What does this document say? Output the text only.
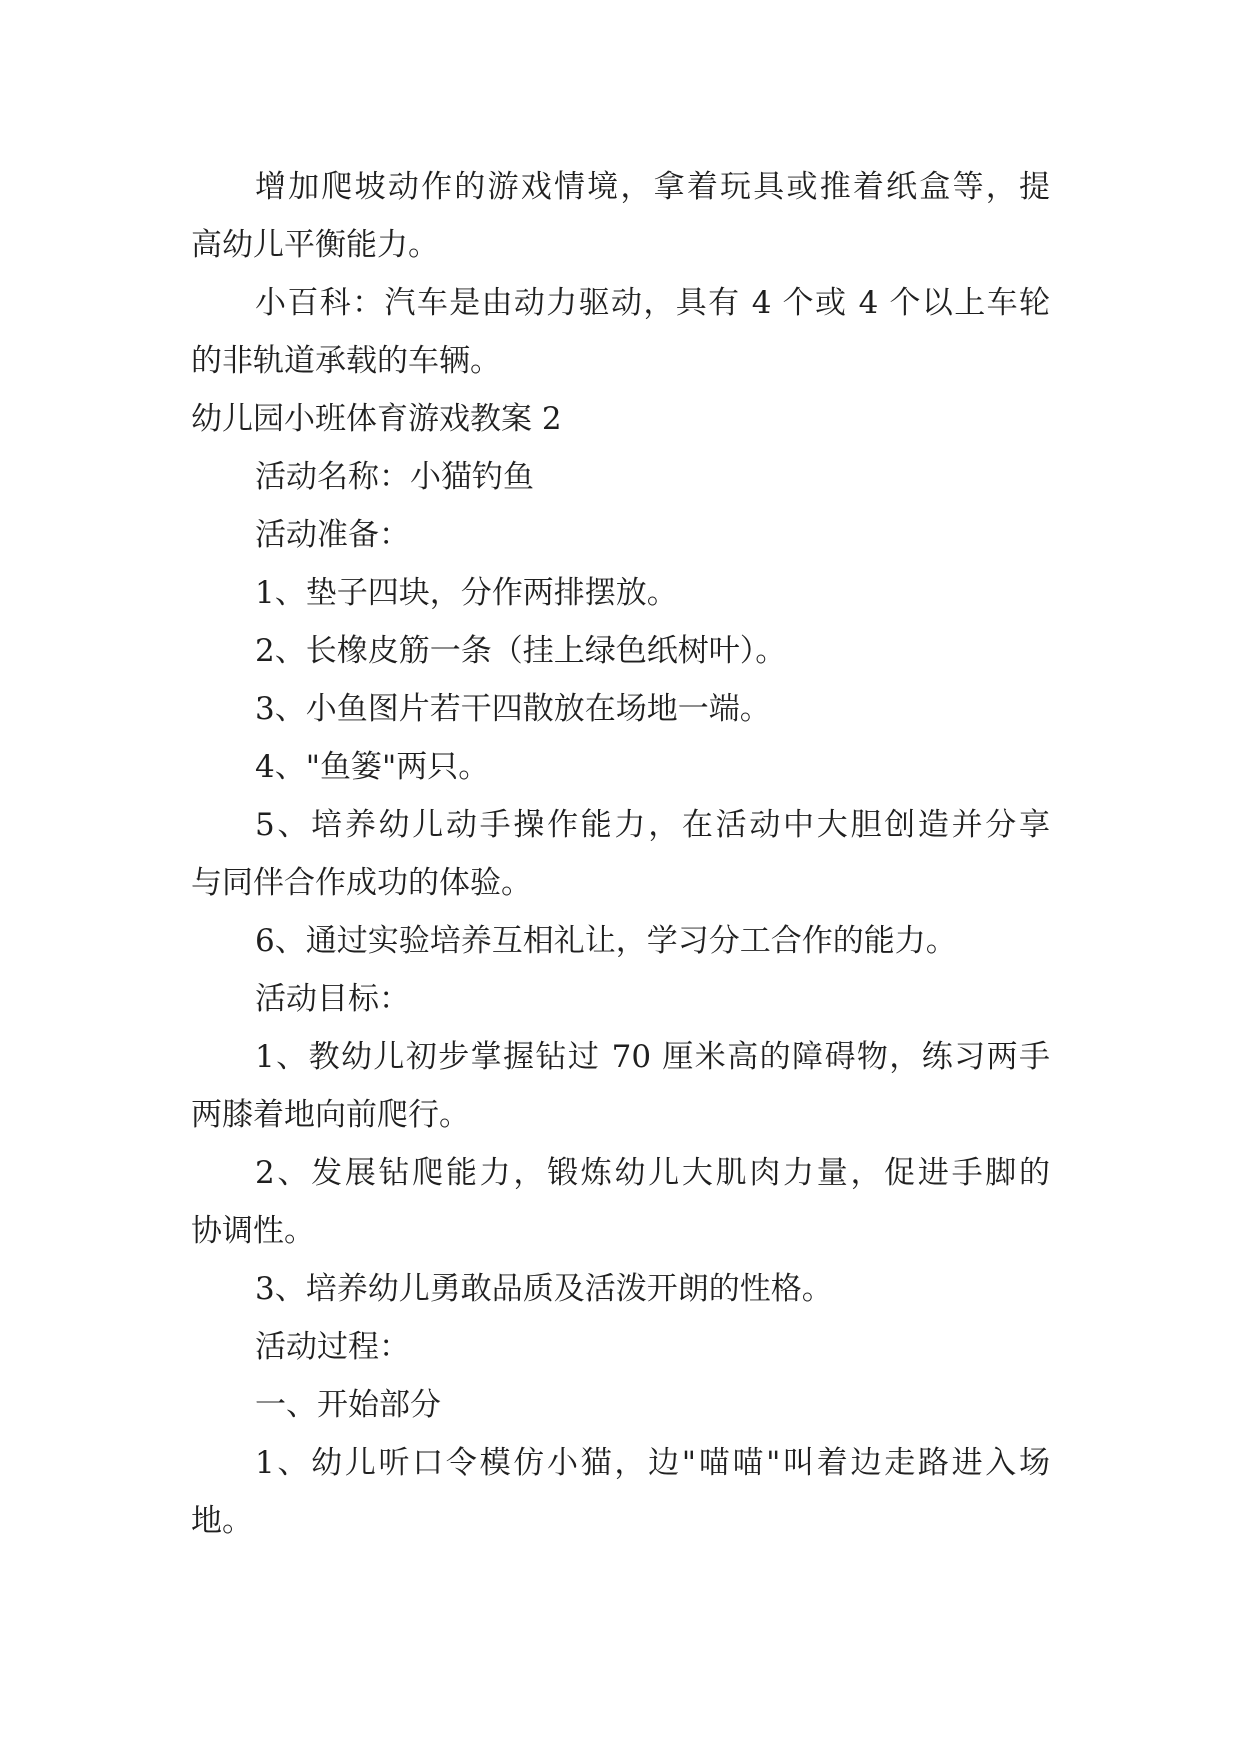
增加爬坡动作的游戏情境，拿着玩具或推着纸盒等，提
高幼儿平衡能力。
小百科：汽车是由动力驱动，具有 4 个或 4 个以上车轮
的非轨道承载的车辆。
幼儿园小班体育游戏教案 2
活动名称：小猫钓鱼
活动准备：
1、垫子四块，分作两排摆放。
2、长橡皮筋一条（挂上绿色纸树叶）。
3、小鱼图片若干四散放在场地一端。
4、"鱼篓"两只。
5、培养幼儿动手操作能力，在活动中大胆创造并分享
与同伴合作成功的体验。
6、通过实验培养互相礼让，学习分工合作的能力。
活动目标：
1、教幼儿初步掌握钻过 70 厘米高的障碍物，练习两手
两膝着地向前爬行。
2、发展钻爬能力，锻炼幼儿大肌肉力量，促进手脚的
协调性。
3、培养幼儿勇敢品质及活泼开朗的性格。
活动过程：
一、开始部分
1、幼儿听口令模仿小猫，边"喵喵"叫着边走路进入场
地。
